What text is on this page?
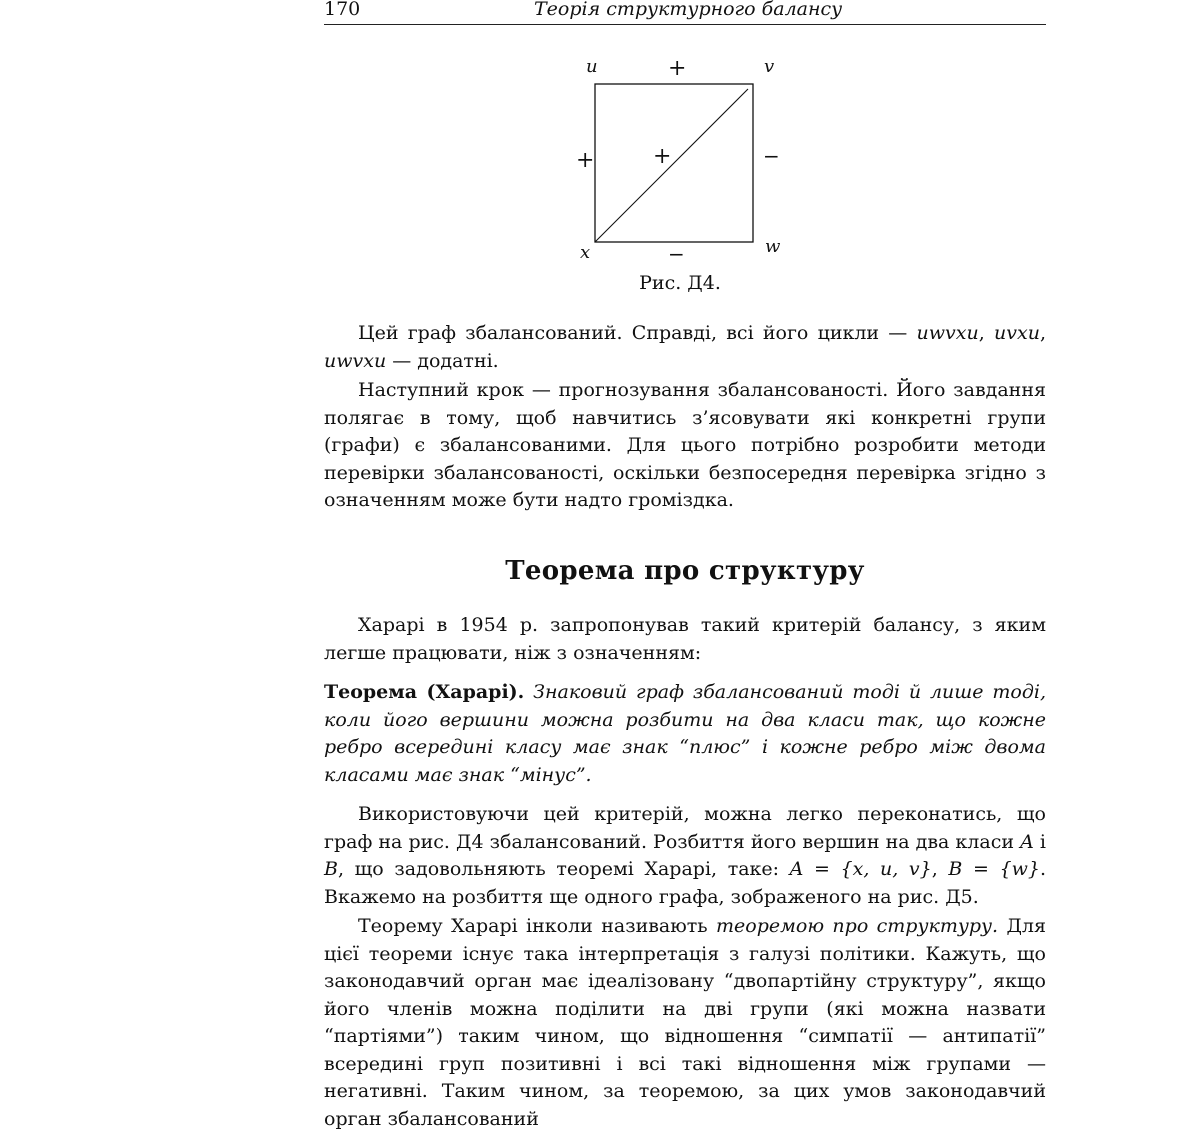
170	Теорія структурного балансу
u	v
x	w
+
+	+	−
−
Рис. Д4.

Цей граф збалансований. Справді, всі його цикли — uwvxu, uvxu, uwvxu — додатні.

Наступний крок — прогнозування збалансованості. Його завдання полягає в тому, щоб навчитись з’ясовувати які конкретні групи (графи) є збалансованими. Для цього потрібно розробити методи перевірки збалансованості, оскільки безпосередня перевірка згідно з означенням може бути надто громіздка.

Теорема про структуру

Харарі в 1954 р. запропонував такий критерій балансу, з яким легше працювати, ніж з означенням:

Теорема (Харарі). Знаковий граф збалансований тоді й лише тоді, коли його вершини можна розбити на два класи так, що кожне ребро всередині класу має знак “плюс” і кожне ребро між двома класами має знак “мінус”.

Використовуючи цей критерій, можна легко переконатись, що граф на рис. Д4 збалансований. Розбиття його вершин на два класи A і B, що задовольняють теоремі Харарі, таке: A = {x, u, v}, B = {w}. Вкажемо на розбиття ще одного графа, зображеного на рис. Д5.

Теорему Харарі інколи називають теоремою про структуру. Для цієї теореми існує така інтерпретація з галузі політики. Кажуть, що законодавчий орган має ідеалізовану “двопартійну структуру”, якщо його членів можна поділити на дві групи (які можна назвати “партіями”) таким чином, що відношення “симпатії — антипатії” всередині груп позитивні і всі такі відношення між групами — негативні. Таким чином, за теоремою, за цих умов законодавчий орган збалансований
